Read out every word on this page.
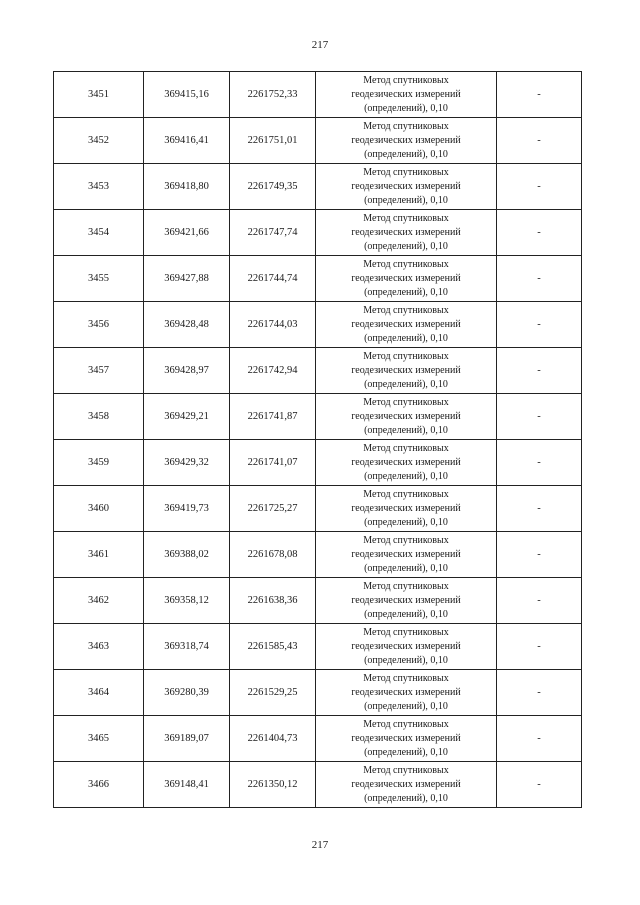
217
3451	369415,16	2261752,33	Метод спутниковых
геодезических измерений
(определений), 0,10	-
3452	369416,41	2261751,01	Метод спутниковых
геодезических измерений
(определений), 0,10	-
3453	369418,80	2261749,35	Метод спутниковых
геодезических измерений
(определений), 0,10	-
3454	369421,66	2261747,74	Метод спутниковых
геодезических измерений
(определений), 0,10	-
3455	369427,88	2261744,74	Метод спутниковых
геодезических измерений
(определений), 0,10	-
3456	369428,48	2261744,03	Метод спутниковых
геодезических измерений
(определений), 0,10	-
3457	369428,97	2261742,94	Метод спутниковых
геодезических измерений
(определений), 0,10	-
3458	369429,21	2261741,87	Метод спутниковых
геодезических измерений
(определений), 0,10	-
3459	369429,32	2261741,07	Метод спутниковых
геодезических измерений
(определений), 0,10	-
3460	369419,73	2261725,27	Метод спутниковых
геодезических измерений
(определений), 0,10	-
3461	369388,02	2261678,08	Метод спутниковых
геодезических измерений
(определений), 0,10	-
3462	369358,12	2261638,36	Метод спутниковых
геодезических измерений
(определений), 0,10	-
3463	369318,74	2261585,43	Метод спутниковых
геодезических измерений
(определений), 0,10	-
3464	369280,39	2261529,25	Метод спутниковых
геодезических измерений
(определений), 0,10	-
3465	369189,07	2261404,73	Метод спутниковых
геодезических измерений
(определений), 0,10	-
3466	369148,41	2261350,12	Метод спутниковых
геодезических измерений
(определений), 0,10	-
217
